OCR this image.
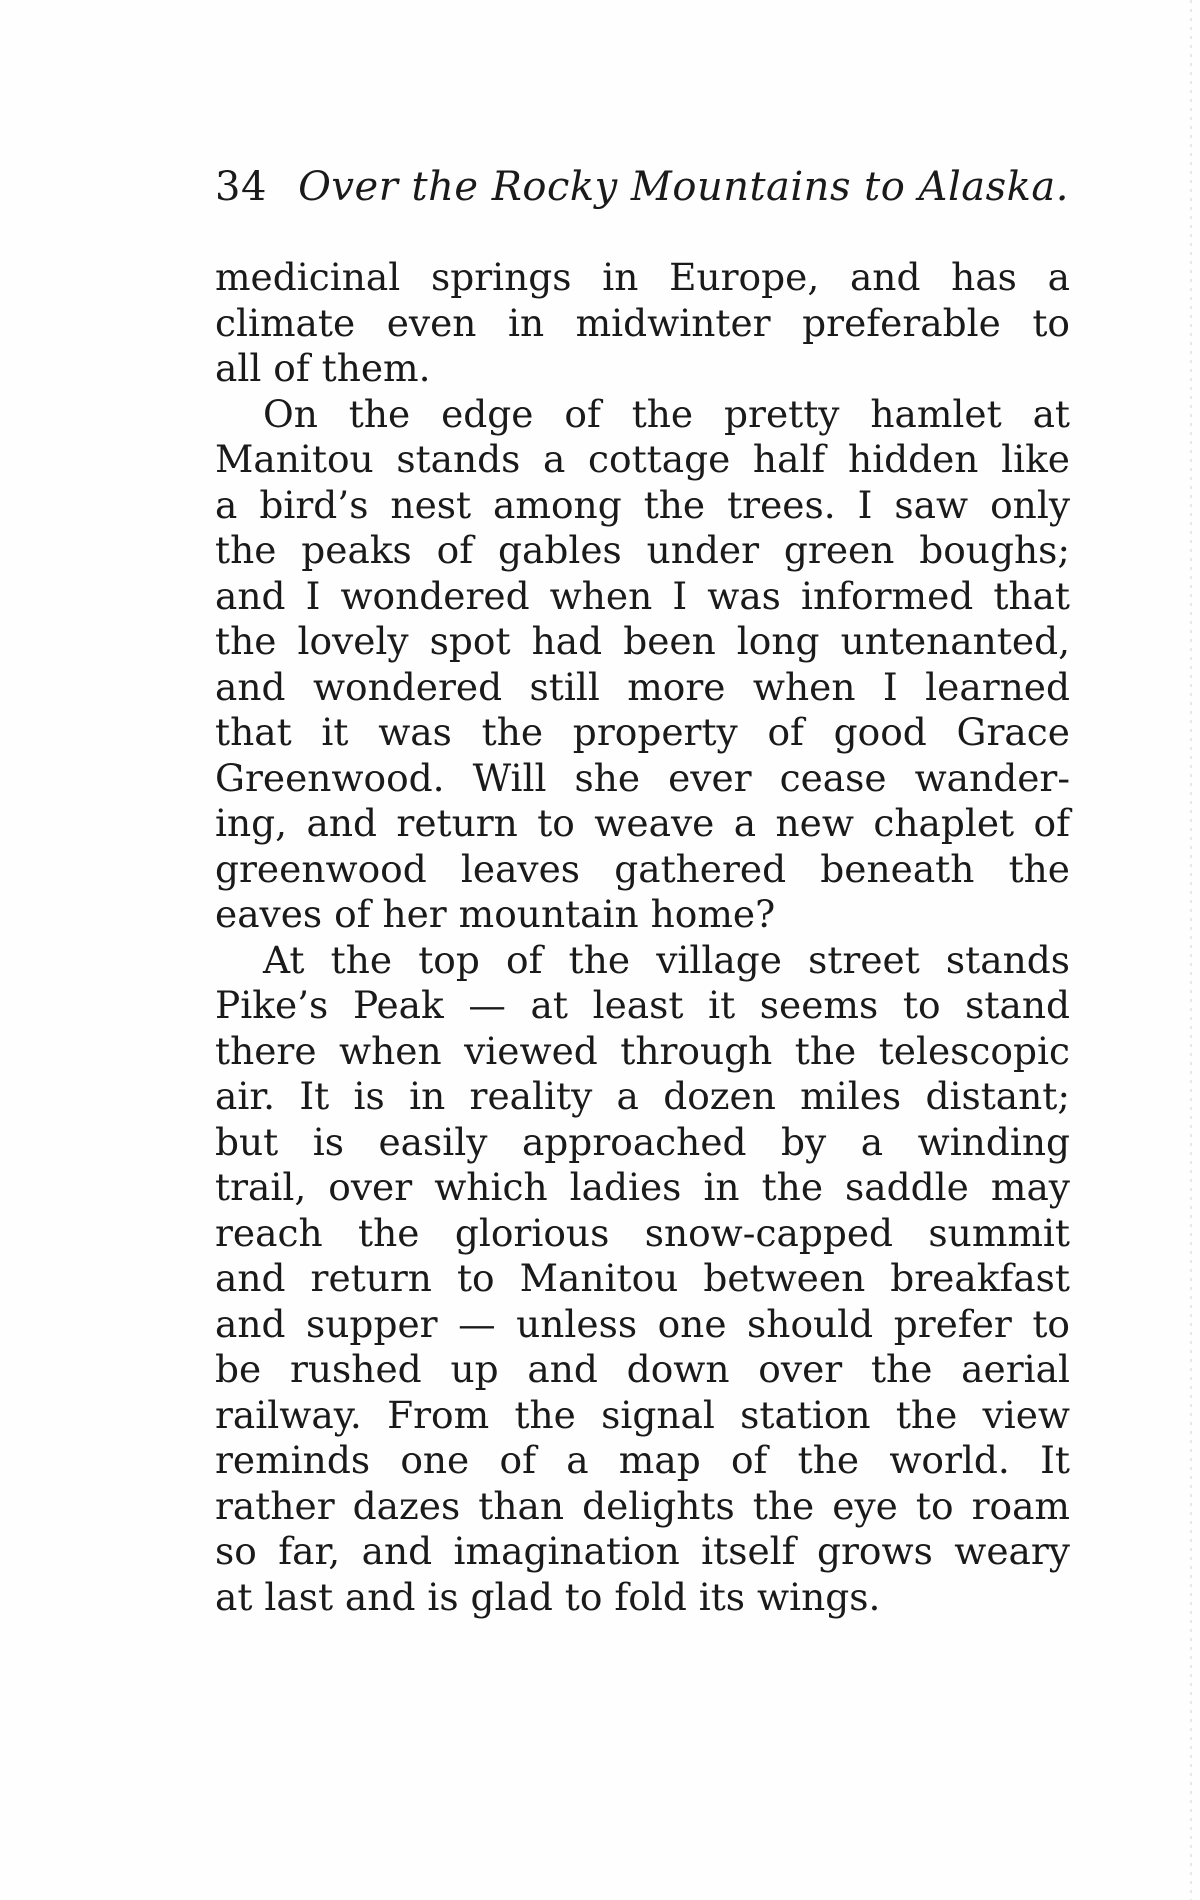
34 Over the Rocky Mountains to Alaska.
medicinal springs in Europe, and has a
climate even in midwinter preferable to
all of them.
On the edge of the pretty hamlet at
Manitou stands a cottage half hidden like
a bird’s nest among the trees. I saw only
the peaks of gables under green boughs;
and I wondered when I was informed that
the lovely spot had been long untenanted,
and wondered still more when I learned
that it was the property of good Grace
Greenwood. Will she ever cease wander-
ing, and return to weave a new chaplet of
greenwood leaves gathered beneath the
eaves of her mountain home?
At the top of the village street stands
Pike’s Peak — at least it seems to stand
there when viewed through the telescopic
air. It is in reality a dozen miles distant;
but is easily approached by a winding
trail, over which ladies in the saddle may
reach the glorious snow-capped summit
and return to Manitou between breakfast
and supper — unless one should prefer to
be rushed up and down over the aerial
railway. From the signal station the view
reminds one of a map of the world. It
rather dazes than delights the eye to roam
so far, and imagination itself grows weary
at last and is glad to fold its wings.
